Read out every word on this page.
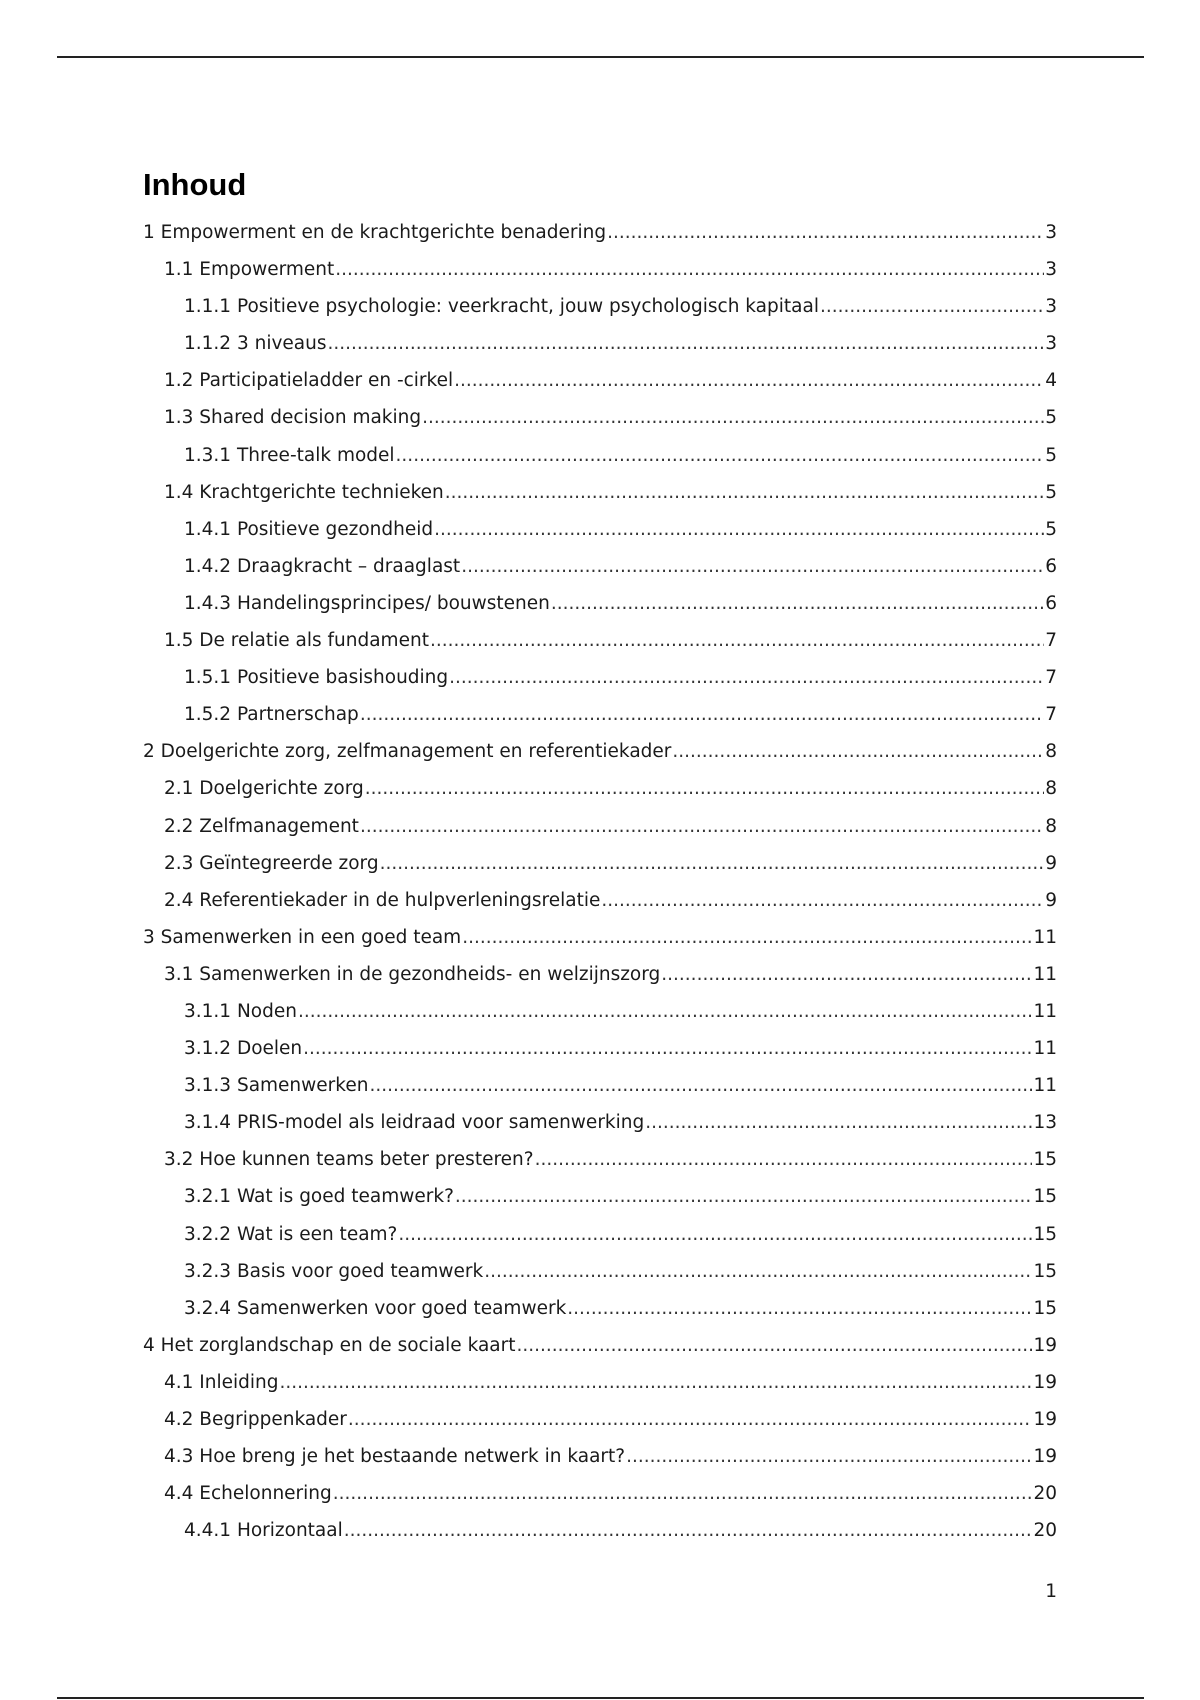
Inhoud
1 Empowerment en de krachtgerichte benadering .....	3
1.1 Empowerment .....	3
1.1.1 Positieve psychologie: veerkracht, jouw psychologisch kapitaal .....	3
1.1.2 3 niveaus .....	3
1.2 Participatieladder en -cirkel .....	4
1.3 Shared decision making .....	5
1.3.1 Three-talk model .....	5
1.4 Krachtgerichte technieken .....	5
1.4.1 Positieve gezondheid .....	5
1.4.2 Draagkracht – draaglast .....	6
1.4.3 Handelingsprincipes/ bouwstenen .....	6
1.5 De relatie als fundament .....	7
1.5.1 Positieve basishouding .....	7
1.5.2 Partnerschap .....	7
2 Doelgerichte zorg, zelfmanagement en referentiekader .....	8
2.1 Doelgerichte zorg .....	8
2.2 Zelfmanagement .....	8
2.3 Geïntegreerde zorg .....	9
2.4 Referentiekader in de hulpverleningsrelatie .....	9
3 Samenwerken in een goed team .....	11
3.1 Samenwerken in de gezondheids- en welzijnszorg .....	11
3.1.1 Noden .....	11
3.1.2 Doelen .....	11
3.1.3 Samenwerken .....	11
3.1.4 PRIS-model als leidraad voor samenwerking .....	13
3.2 Hoe kunnen teams beter presteren? .....	15
3.2.1 Wat is goed teamwerk? .....	15
3.2.2 Wat is een team? .....	15
3.2.3 Basis voor goed teamwerk .....	15
3.2.4 Samenwerken voor goed teamwerk .....	15
4 Het zorglandschap en de sociale kaart .....	19
4.1 Inleiding .....	19
4.2 Begrippenkader .....	19
4.3 Hoe breng je het bestaande netwerk in kaart? .....	19
4.4 Echelonnering .....	20
4.4.1 Horizontaal .....	20
1
